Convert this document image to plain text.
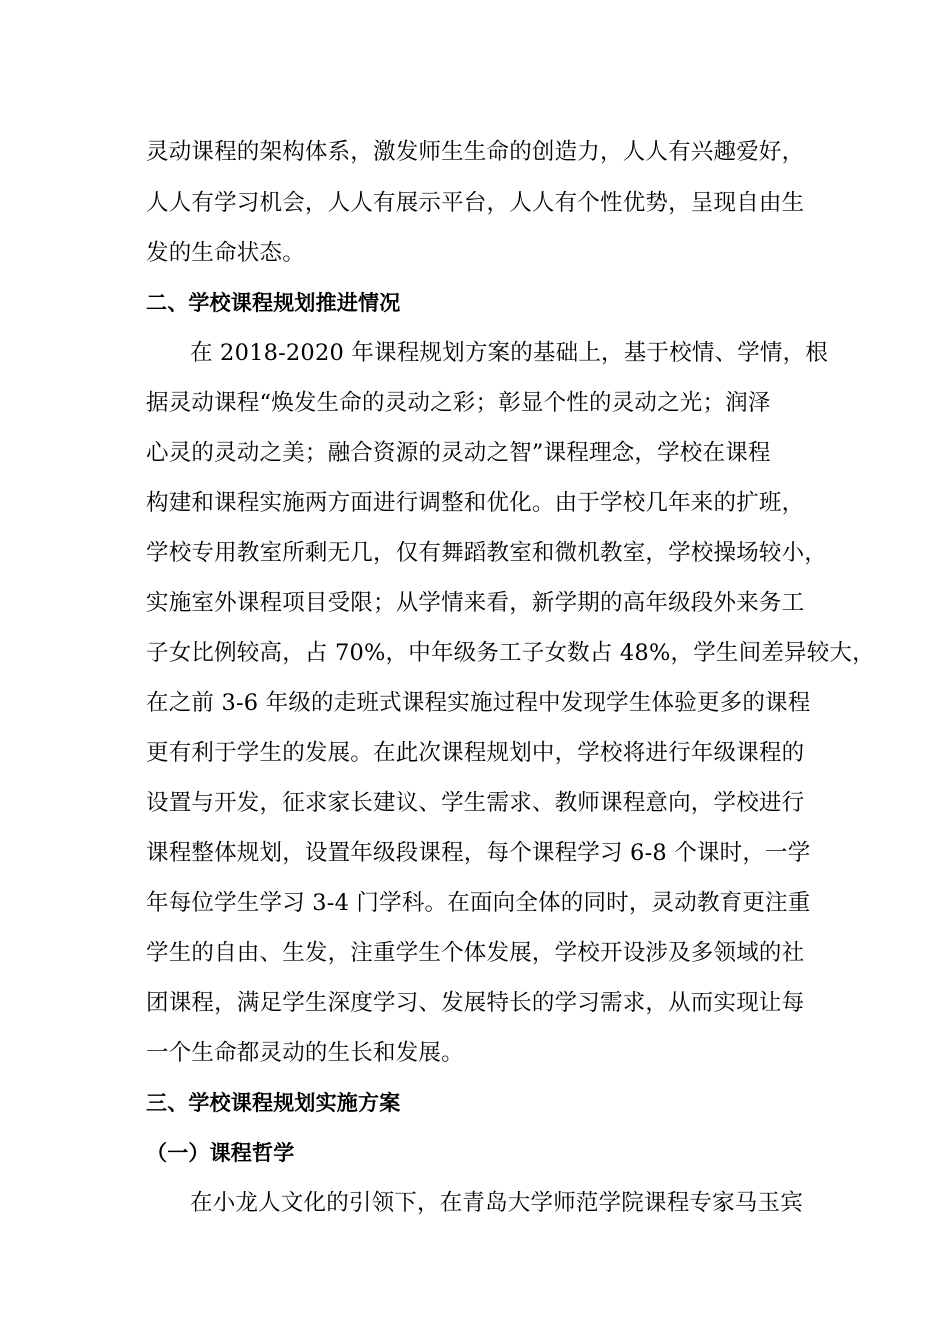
灵动课程的架构体系，激发师生生命的创造力，人人有兴趣爱好，
人人有学习机会，人人有展示平台，人人有个性优势，呈现自由生
发的生命状态。
二、学校课程规划推进情况
在 2018-2020 年课程规划方案的基础上，基于校情、学情，根
据灵动课程“焕发生命的灵动之彩；彰显个性的灵动之光；润泽
心灵的灵动之美；融合资源的灵动之智”课程理念，学校在课程
构建和课程实施两方面进行调整和优化。由于学校几年来的扩班，
学校专用教室所剩无几，仅有舞蹈教室和微机教室，学校操场较小，
实施室外课程项目受限；从学情来看，新学期的高年级段外来务工
子女比例较高，占 70%，中年级务工子女数占 48%，学生间差异较大，
在之前 3-6 年级的走班式课程实施过程中发现学生体验更多的课程
更有利于学生的发展。在此次课程规划中，学校将进行年级课程的
设置与开发，征求家长建议、学生需求、教师课程意向，学校进行
课程整体规划，设置年级段课程，每个课程学习 6-8 个课时，一学
年每位学生学习 3-4 门学科。在面向全体的同时，灵动教育更注重
学生的自由、生发，注重学生个体发展，学校开设涉及多领域的社
团课程，满足学生深度学习、发展特长的学习需求，从而实现让每
一个生命都灵动的生长和发展。
三、学校课程规划实施方案
（一）课程哲学
在小龙人文化的引领下，在青岛大学师范学院课程专家马玉宾
